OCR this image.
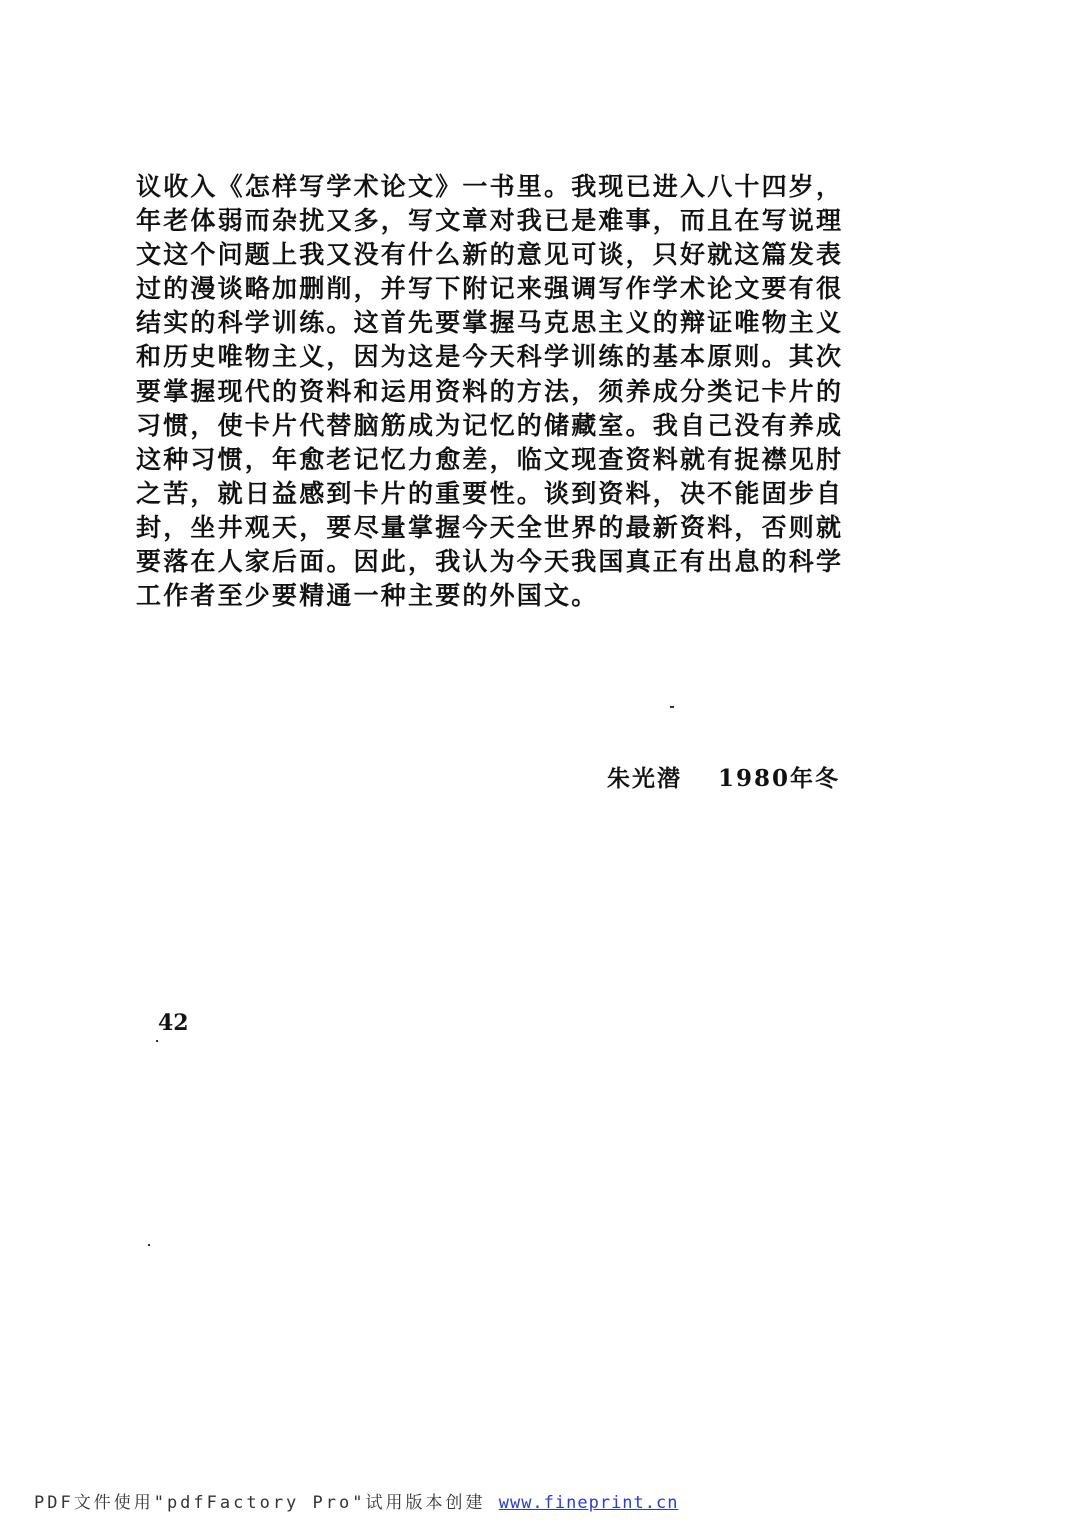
议收入《怎样写学术论文》一书里。我现已进入八十四岁，
年老体弱而杂扰又多，写文章对我已是难事，而且在写说理
文这个问题上我又没有什么新的意见可谈，只好就这篇发表
过的漫谈略加删削，并写下附记来强调写作学术论文要有很
结实的科学训练。这首先要掌握马克思主义的辩证唯物主义
和历史唯物主义，因为这是今天科学训练的基本原则。其次
要掌握现代的资料和运用资料的方法，须养成分类记卡片的
习惯，使卡片代替脑筋成为记忆的储藏室。我自己没有养成
这种习惯，年愈老记忆力愈差，临文现查资料就有捉襟见肘
之苦，就日益感到卡片的重要性。谈到资料，决不能固步自
封，坐井观天，要尽量掌握今天全世界的最新资料，否则就
要落在人家后面。因此，我认为今天我国真正有出息的科学
工作者至少要精通一种主要的外国文。
朱光潜 1980年冬
42
PDF文件使用"pdfFactory Pro"试用版本创建 www.fineprint.cn
